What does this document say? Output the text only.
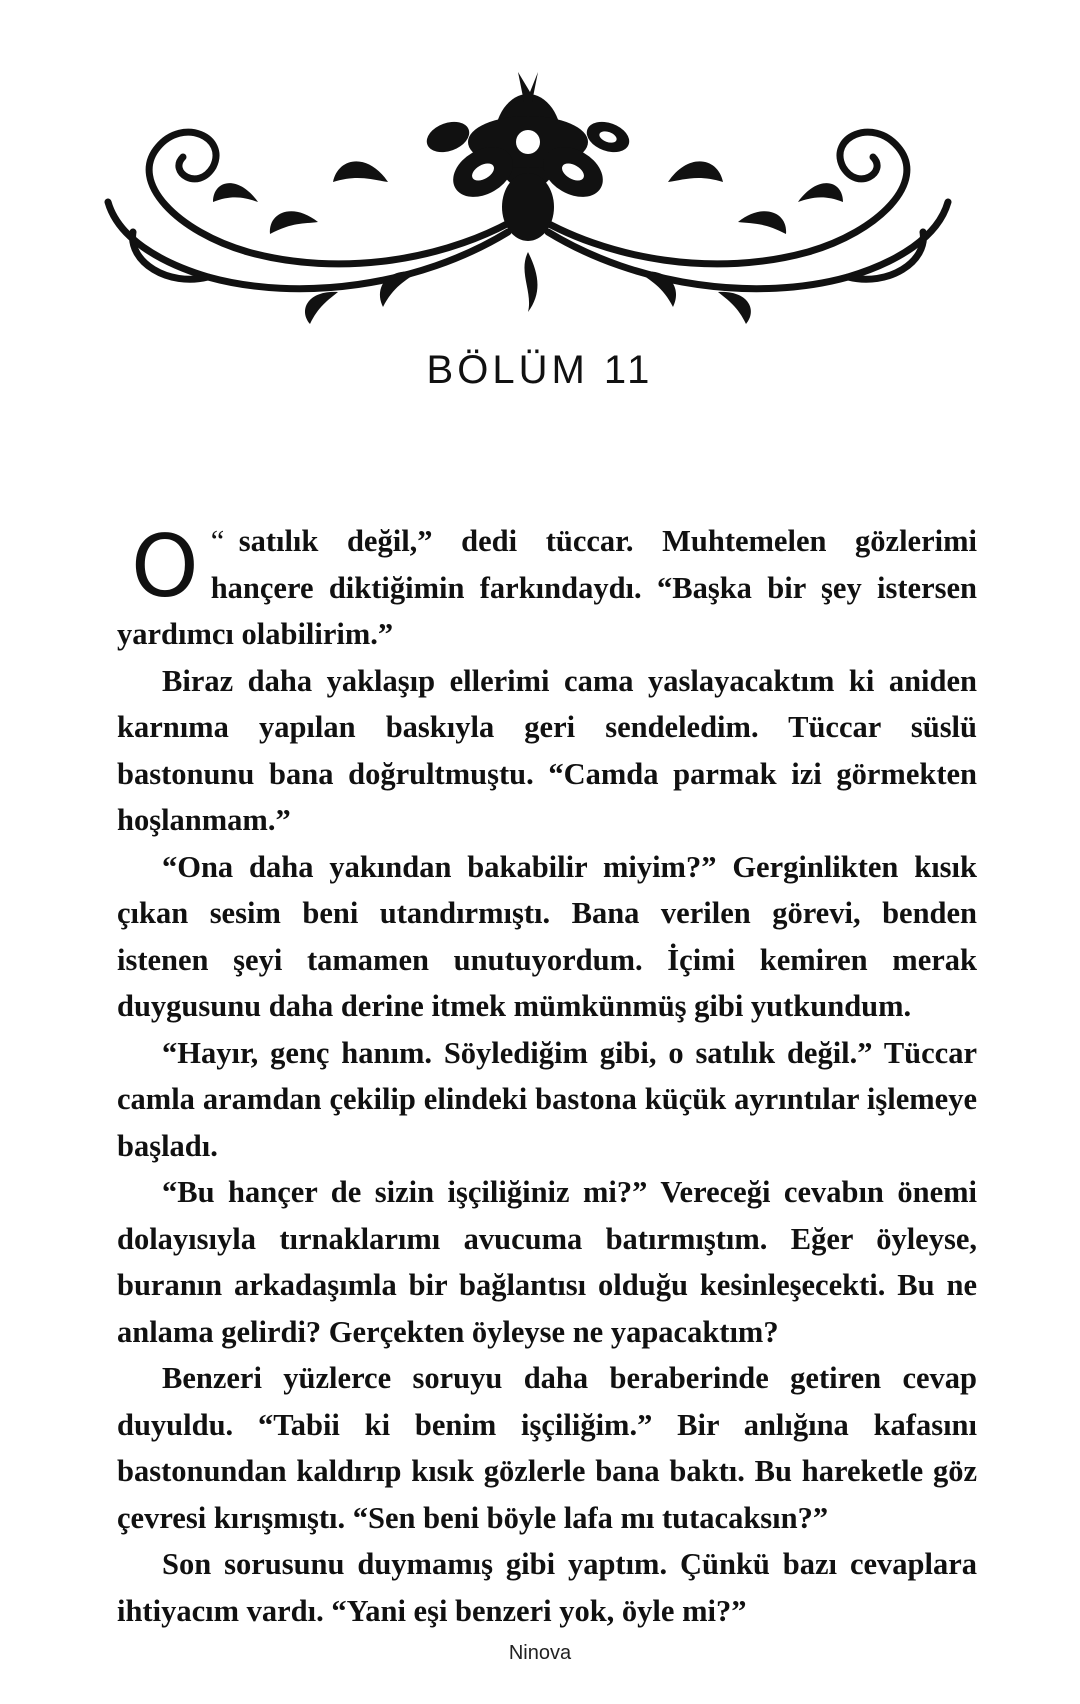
BÖLÜM 11

“
O satılık değil,” dedi tüccar. Muhtemelen gözlerimi hançere diktiğimin farkındaydı. “Başka bir şey istersen yardımcı olabilirim.”

Biraz daha yaklaşıp ellerimi cama yaslayacaktım ki aniden karnıma yapılan baskıyla geri sendeledim. Tüccar süslü bastonunu bana doğrultmuştu. “Camda parmak izi görmekten hoşlanmam.”

“Ona daha yakından bakabilir miyim?” Gerginlikten kısık çıkan sesim beni utandırmıştı. Bana verilen görevi, benden istenen şeyi tamamen unutuyordum. İçimi kemiren merak duygusunu daha derine itmek mümkünmüş gibi yutkundum.

“Hayır, genç hanım. Söylediğim gibi, o satılık değil.” Tüccar camla aramdan çekilip elindeki bastona küçük ayrıntılar işlemeye başladı.

“Bu hançer de sizin işçiliğiniz mi?” Vereceği cevabın önemi dolayısıyla tırnaklarımı avucuma batırmıştım. Eğer öyleyse, buranın arkadaşımla bir bağlantısı olduğu kesinleşecekti. Bu ne anlama gelirdi? Gerçekten öyleyse ne yapacaktım?

Benzeri yüzlerce soruyu daha beraberinde getiren cevap duyuldu. “Tabii ki benim işçiliğim.” Bir anlığına kafasını bastonundan kaldırıp kısık gözlerle bana baktı. Bu hareketle göz çevresi kırışmıştı. “Sen beni böyle lafa mı tutacaksın?”

Son sorusunu duymamış gibi yaptım. Çünkü bazı cevaplara ihtiyacım vardı. “Yani eşi benzeri yok, öyle mi?”

Ninova
